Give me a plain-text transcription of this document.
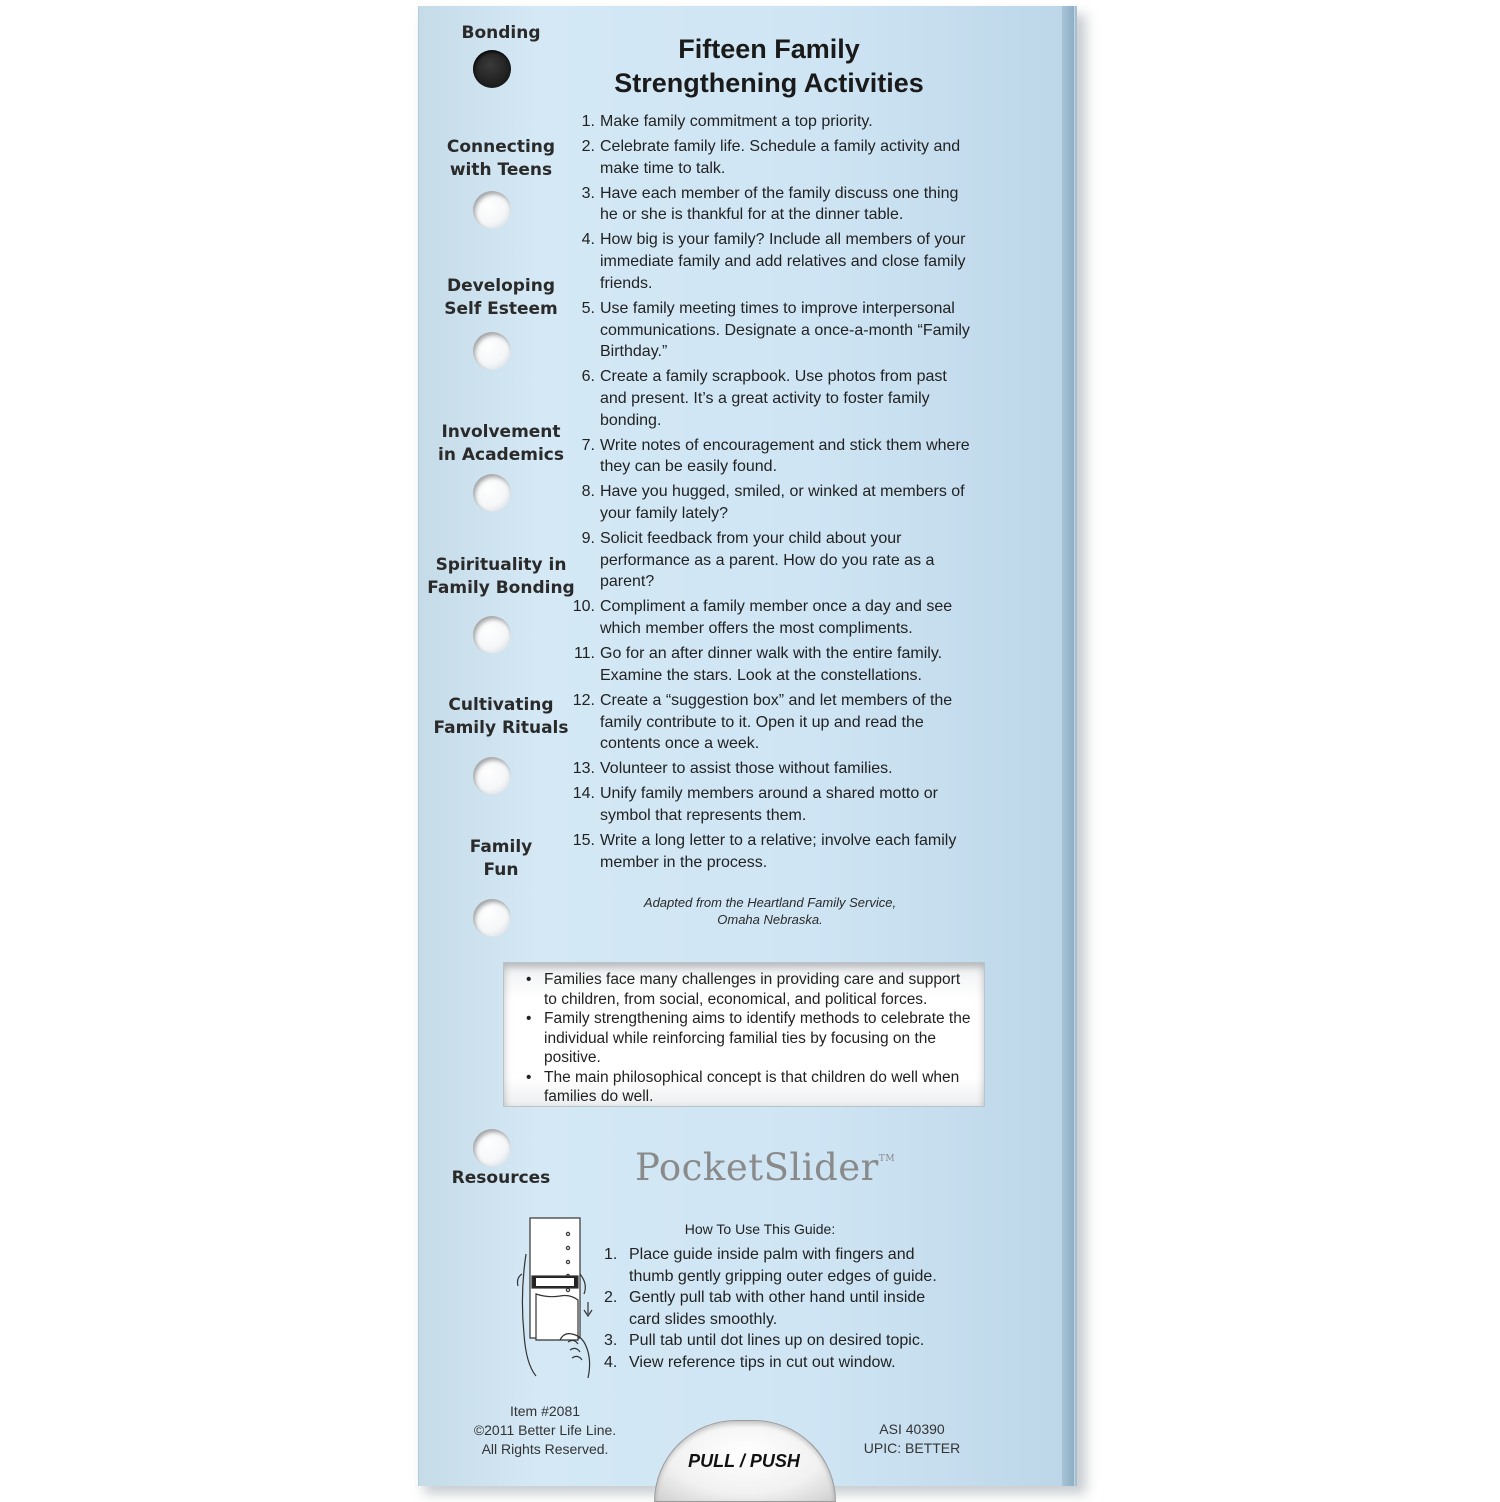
Bonding
Connecting
with Teens
Developing
Self Esteem
Involvement
in Academics
Spirituality in
Family Bonding
Cultivating
Family Rituals
Family
Fun
Resources
Fifteen Family
Strengthening Activities
1. Make family commitment a top priority.
2. Celebrate family life. Schedule a family activity and make time to talk.
3. Have each member of the family discuss one thing he or she is thankful for at the dinner table.
4. How big is your family? Include all members of your immediate family and add relatives and close family friends.
5. Use family meeting times to improve interpersonal communications. Designate a once-a-month “Family Birthday.”
6. Create a family scrapbook. Use photos from past and present. It’s a great activity to foster family bonding.
7. Write notes of encouragement and stick them where they can be easily found.
8. Have you hugged, smiled, or winked at members of your family lately?
9. Solicit feedback from your child about your performance as a parent. How do you rate as a parent?
10. Compliment a family member once a day and see which member offers the most compliments.
11. Go for an after dinner walk with the entire family. Examine the stars. Look at the constellations.
12. Create a “suggestion box” and let members of the family contribute to it. Open it up and read the contents once a week.
13. Volunteer to assist those without families.
14. Unify family members around a shared motto or symbol that represents them.
15. Write a long letter to a relative; involve each family member in the process.
Adapted from the Heartland Family Service,
Omaha Nebraska.
• Families face many challenges in providing care and support to children, from social, economical, and political forces.
• Family strengthening aims to identify methods to celebrate the individual while reinforcing familial ties by focusing on the positive.
• The main philosophical concept is that children do well when families do well.
PocketSlider™
How To Use This Guide:
1. Place guide inside palm with fingers and thumb gently gripping outer edges of guide.
2. Gently pull tab with other hand until inside card slides smoothly.
3. Pull tab until dot lines up on desired topic.
4. View reference tips in cut out window.
Item #2081
©2011 Better Life Line.
All Rights Reserved.
ASI 40390
UPIC: BETTER
PULL / PUSH
